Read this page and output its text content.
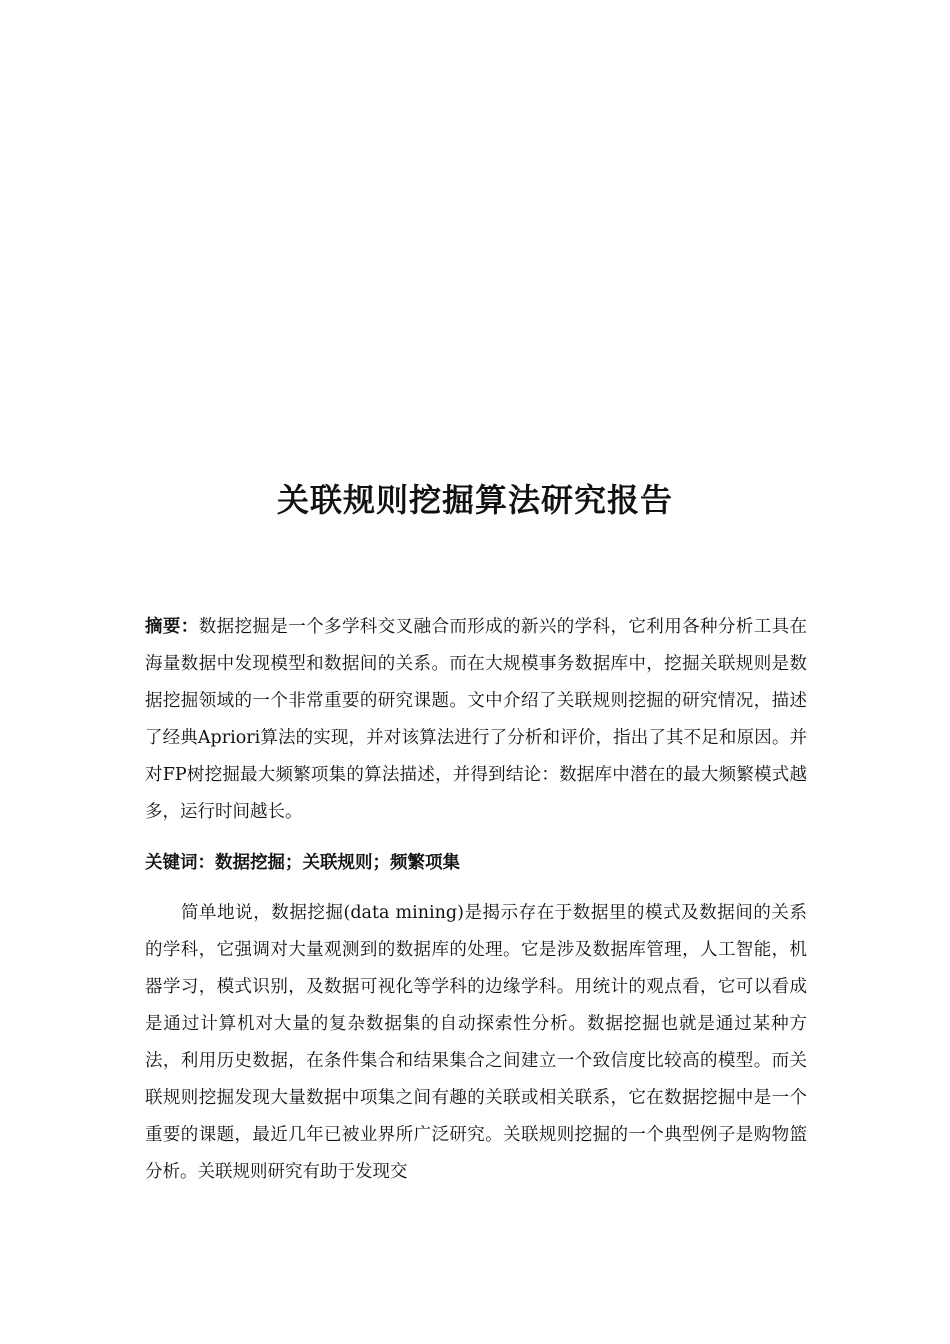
关联规则挖掘算法研究报告

摘要：数据挖掘是一个多学科交叉融合而形成的新兴的学科，它利用各种分析工具在海量数据中发现模型和数据间的关系。而在大规模事务数据库中，挖掘关联规则是数据挖掘领域的一个非常重要的研究课题。文中介绍了关联规则挖掘的研究情况，描述了经典Apriori算法的实现，并对该算法进行了分析和评价，指出了其不足和原因。并对FP树挖掘最大频繁项集的算法描述，并得到结论：数据库中潜在的最大频繁模式越多，运行时间越长。

关键词：数据挖掘；关联规则；频繁项集

简单地说，数据挖掘(data mining)是揭示存在于数据里的模式及数据间的关系的学科，它强调对大量观测到的数据库的处理。它是涉及数据库管理，人工智能，机器学习，模式识别，及数据可视化等学科的边缘学科。用统计的观点看，它可以看成是通过计算机对大量的复杂数据集的自动探索性分析。数据挖掘也就是通过某种方法，利用历史数据，在条件集合和结果集合之间建立一个致信度比较高的模型。而关联规则挖掘发现大量数据中项集之间有趣的关联或相关联系，它在数据挖掘中是一个重要的课题，最近几年已被业界所广泛研究。关联规则挖掘的一个典型例子是购物篮分析。关联规则研究有助于发现交
